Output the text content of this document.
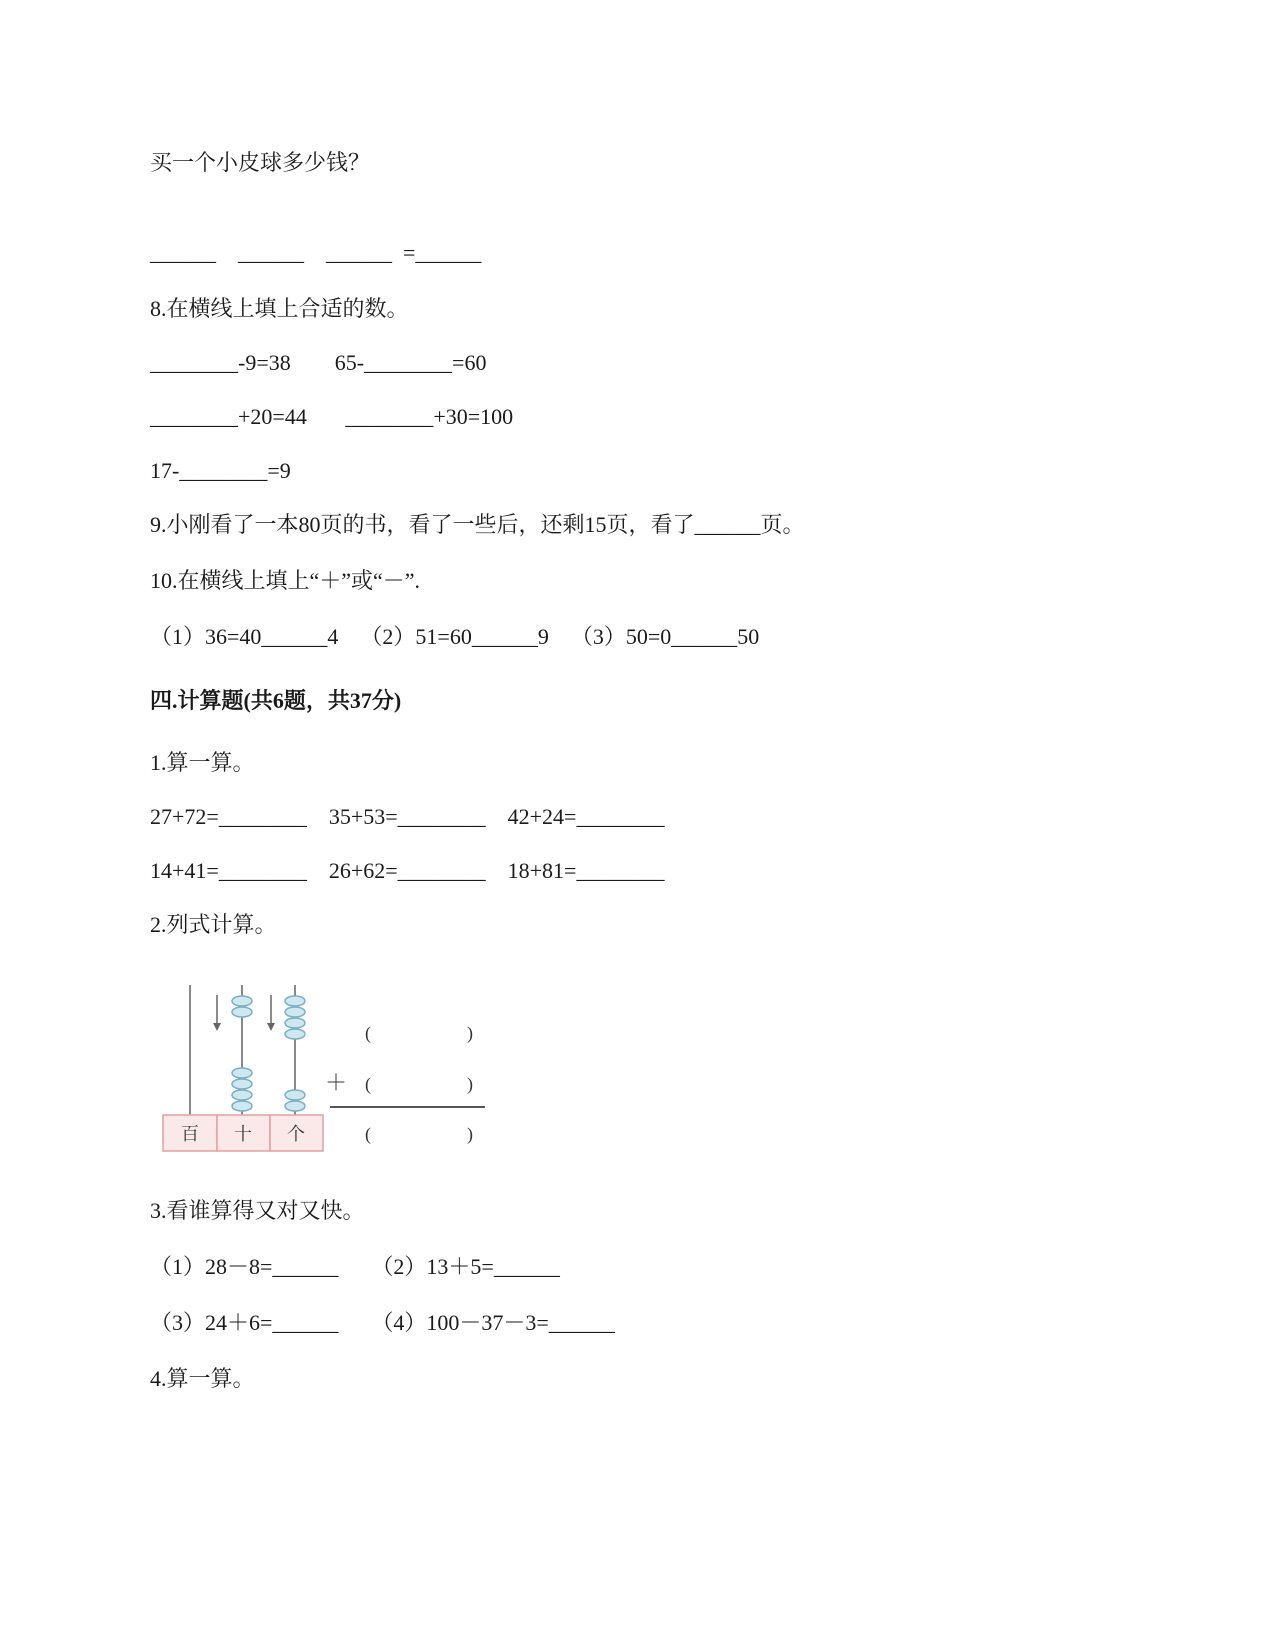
买一个小皮球多少钱？
______    ______    ______  =______
8.在横线上填上合适的数。
________-9=38        65-________=60
________+20=44       ________+30=100
17-________=9
9.小刚看了一本80页的书，看了一些后，还剩15页，看了______页。
10.在横线上填上“＋”或“－”.
（1）36=40______4    （2）51=60______9    （3）50=0______50
四.计算题(共6题，共37分)
1.算一算。
27+72=________    35+53=________    42+24=________
14+41=________    26+62=________    18+81=________
2.列式计算。
百 十 个
(	)
＋ (	)
(	)
3.看谁算得又对又快。
（1）28－8=______      （2）13＋5=______
（3）24＋6=______      （4）100－37－3=______
4.算一算。
